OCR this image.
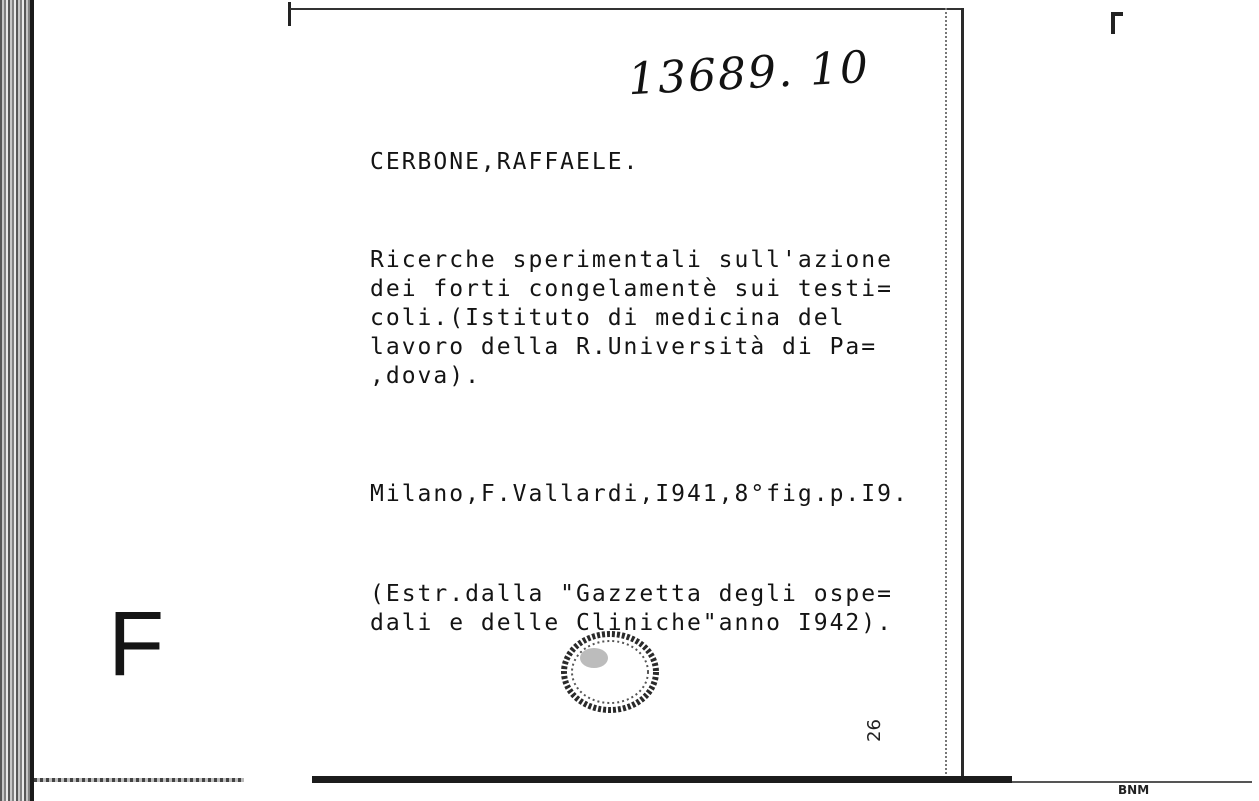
13689. 10
CERBONE,RAFFAELE.
Ricerche sperimentali sull'azione
dei forti congelamentè sui testi=
coli.(Istituto di medicina del
lavoro della R.Università di Pa=
,dova).
Milano,F.Vallardi,I941,8°fig.p.I9.
(Estr.dalla "Gazzetta degli ospe=
dali e delle Cliniche"anno I942).
F
26
BNM
